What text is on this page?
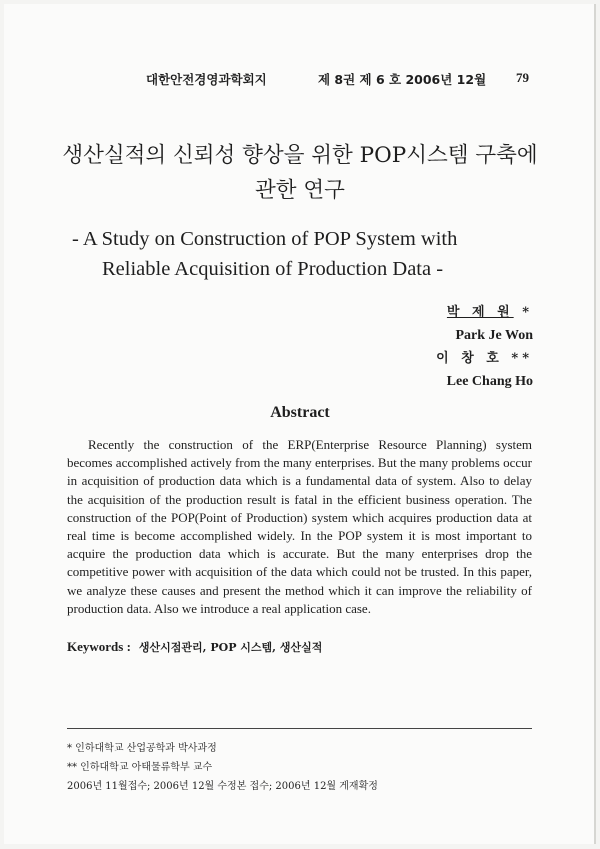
대한안전경영과학회지	제 8권 제 6 호 2006년 12월 79
생산실적의 신뢰성 향상을 위한 POP시스템 구축에
관한 연구
- A Study on Construction of POP System with
Reliable Acquisition of Production Data -
박 제 원 *
Park Je Won
이 창 호 **
Lee Chang Ho
Abstract

Recently the construction of the ERP(Enterprise Resource Planning) system becomes accomplished actively from the many enterprises. But the many problems occur in acquisition of production data which is a fundamental data of system. Also to delay the acquisition of the production result is fatal in the efficient business operation. The construction of the POP(Point of Production) system which acquires production data at real time is become accomplished widely. In the POP system it is most important to acquire the production data which is accurate. But the many enterprises drop the competitive power with acquisition of the data which could not be trusted. In this paper, we analyze these causes and present the method which it can improve the reliability of production data. Also we introduce a real application case.

Keywords : 생산시점관리, POP 시스템, 생산실적
* 인하대학교 산업공학과 박사과정
** 인하대학교 아태물류학부 교수
2006년 11월접수; 2006년 12월 수정본 접수; 2006년 12월 게재확정
